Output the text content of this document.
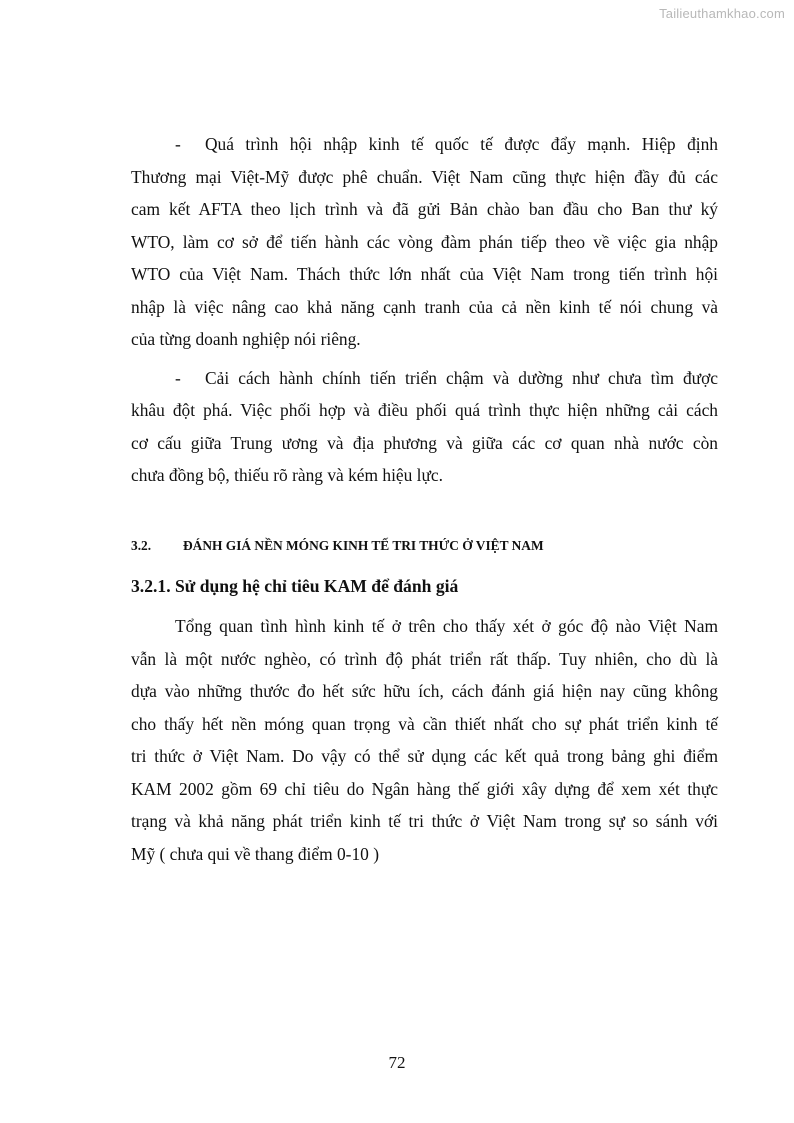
Tailieuthamkhao.com
- Quá trình hội nhập kinh tế quốc tế được đẩy mạnh. Hiệp định
Thương mại Việt-Mỹ được phê chuẩn. Việt Nam cũng thực hiện đầy đủ các
cam kết AFTA theo lịch trình và đã gửi Bản chào ban đầu cho Ban thư ký
WTO, làm cơ sở để tiến hành các vòng đàm phán tiếp theo về việc gia nhập
WTO của Việt Nam. Thách thức lớn nhất của Việt Nam trong tiến trình hội
nhập là việc nâng cao khả năng cạnh tranh của cả nền kinh tế nói chung và
của từng doanh nghiệp nói riêng.
- Cải cách hành chính tiến triển chậm và dường như chưa tìm được
khâu đột phá. Việc phối hợp và điều phối quá trình thực hiện những cải cách
cơ cấu giữa Trung ương và địa phương và giữa các cơ quan nhà nước còn
chưa đồng bộ, thiếu rõ ràng và kém hiệu lực.
3.2. ĐÁNH GIÁ NỀN MÓNG KINH TẾ TRI THỨC Ở VIỆT NAM
3.2.1. Sử dụng hệ chỉ tiêu KAM để đánh giá
Tổng quan tình hình kinh tế ở trên cho thấy xét ở góc độ nào Việt Nam
vẫn là một nước nghèo, có trình độ phát triển rất thấp. Tuy nhiên, cho dù là
dựa vào những thước đo hết sức hữu ích, cách đánh giá hiện nay cũng không
cho thấy hết nền móng quan trọng và cần thiết nhất cho sự phát triển kinh tế
tri thức ở Việt Nam. Do vậy có thể sử dụng các kết quả trong bảng ghi điểm
KAM 2002 gồm 69 chỉ tiêu do Ngân hàng thế giới xây dựng để xem xét thực
trạng và khả năng phát triển kinh tế tri thức ở Việt Nam trong sự so sánh với
Mỹ ( chưa qui về thang điểm 0-10 )
72
